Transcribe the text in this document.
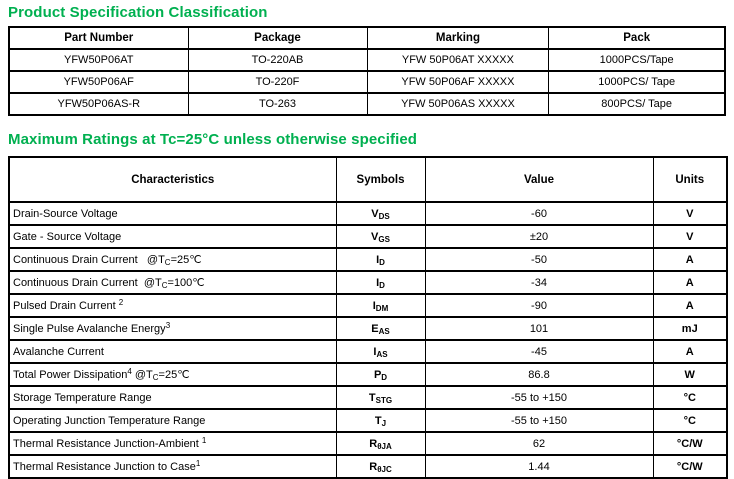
Product Specification Classification
Part Number	Package	Marking	Pack
YFW50P06AT	TO-220AB	YFW 50P06AT XXXXX	1000PCS/Tape
YFW50P06AF	TO-220F	YFW 50P06AF XXXXX	1000PCS/ Tape
YFW50P06AS-R	TO-263	YFW 50P06AS XXXXX	800PCS/ Tape
Maximum Ratings at Tc=25°C unless otherwise specified
Characteristics	Symbols	Value	Units
Drain-Source Voltage	$V_{DS}$	-60	V
Gate - Source Voltage	$V_{GS}$	±20	V
Continuous Drain Current   $@T_C=25℃$	$I_D$	-50	A
Continuous Drain Current  $@T_C=100℃$	$I_D$	-34	A
Pulsed Drain Current $^2$	$I_{DM}$	-90	A
Single Pulse Avalanche Energy$^3$	$E_{AS}$	101	mJ
Avalanche Current	$I_{AS}$	-45	A
Total Power Dissipation$^4$ $@T_C=25℃$	$P_D$	86.8	W
Storage Temperature Range	$T_{STG}$	-55 to +150	°C
Operating Junction Temperature Range	$T_J$	-55 to +150	°C
Thermal Resistance Junction-Ambient $^1$	$R_{\theta JA}$	62	°C/W
Thermal Resistance Junction to Case$^1$	$R_{\theta JC}$	1.44	°C/W
